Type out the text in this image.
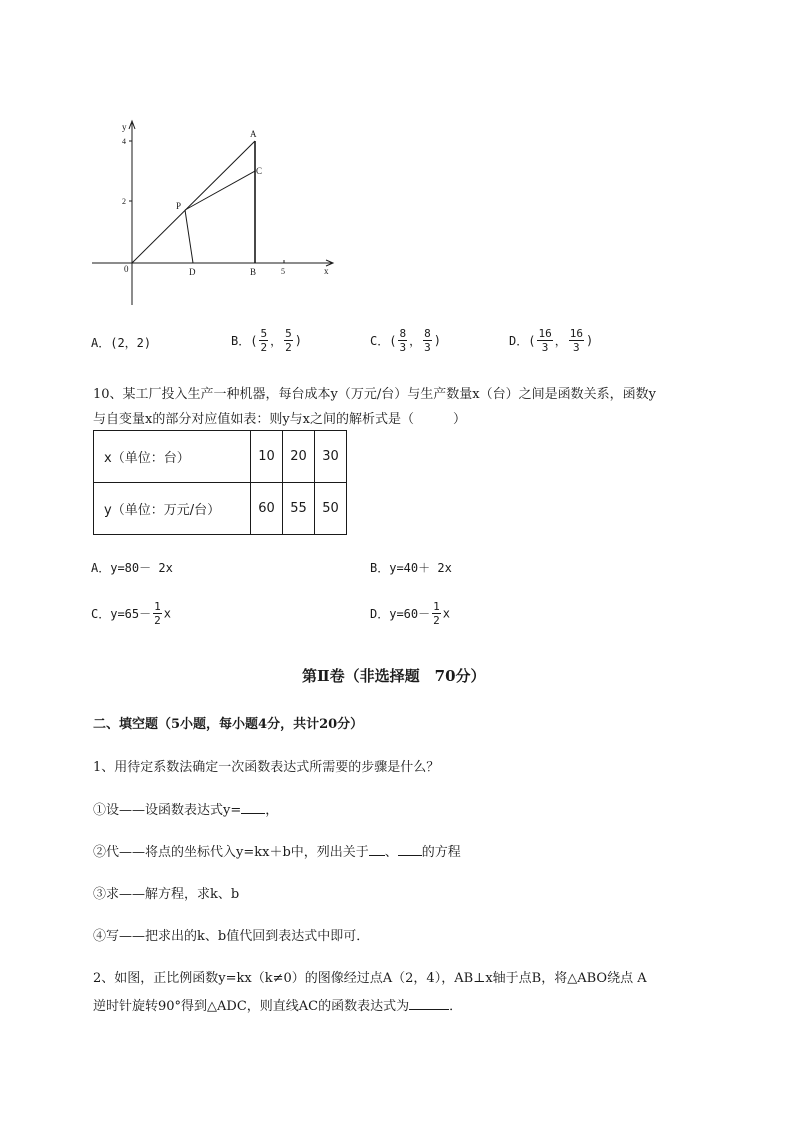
y
x
0
4
2
5
A
C
P
D	B
A．(2，2)	B．( $\frac{5}{2}$ ， $\frac{5}{2}$ )	C．( $\frac{8}{3}$ ， $\frac{8}{3}$ )	D．( $\frac{16}{3}$ ， $\frac{16}{3}$ )
10、某工厂投入生产一种机器，每台成本y（万元/台）与生产数量x（台）之间是函数关系，函数y
与自变量x的部分对应值如表：则y与x之间的解析式是（　　　）
x（单位：台）	10	20	30
y（单位：万元/台）	60	55	50
A．y=80－ 2x	B．y=40＋ 2x
C．$y=65- \frac{1}{2}$ x	D．$y=60- \frac{1}{2}$ x
第Ⅱ卷（非选择题　70分）
二、填空题（5小题，每小题4分，共计20分）
1、用待定系数法确定一次函数表达式所需要的步骤是什么？
①设——设函数表达式y= ，
②代——将点的坐标代入y=kx＋b中，列出关于 、 的方程
③求——解方程，求k、b
④写——把求出的k、b值代回到表达式中即可．
2、如图，正比例函数y=kx（k≠0）的图像经过点A（2，4），AB⊥x轴于点B，将△ABO绕点 A
逆时针旋转90°得到△ADC，则直线AC的函数表达式为	．
